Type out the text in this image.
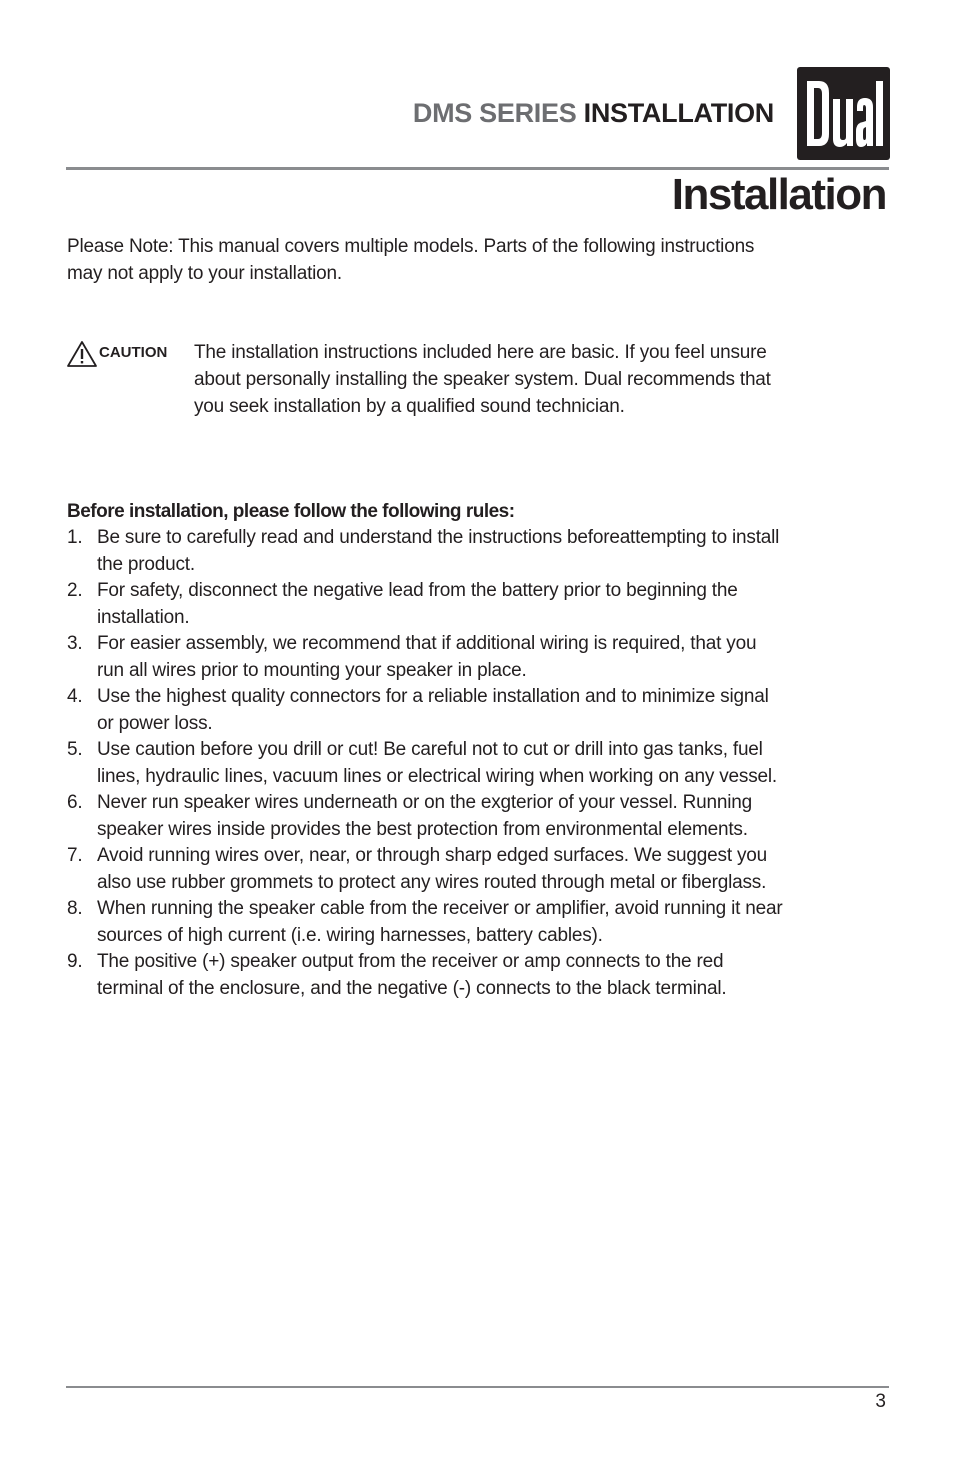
DMS SERIES INSTALLATION
Installation
Please Note: This manual covers multiple models. Parts of the following instructions may not apply to your installation.
CAUTION The installation instructions included here are basic. If you feel unsure about personally installing the speaker system. Dual recommends that you seek installation by a qualified sound technician.
Before installation, please follow the following rules:
1. Be sure to carefully read and understand the instructions beforeattempting to install the product.
2. For safety, disconnect the negative lead from the battery prior to beginning the installation.
3. For easier assembly, we recommend that if additional wiring is required, that you run all wires prior to mounting your speaker in place.
4. Use the highest quality connectors for a reliable installation and to minimize signal or power loss.
5. Use caution before you drill or cut! Be careful not to cut or drill into gas tanks, fuel lines, hydraulic lines, vacuum lines or electrical wiring when working on any vessel.
6. Never run speaker wires underneath or on the exgterior of your vessel. Running speaker wires inside provides the best protection from environmental elements.
7. Avoid running wires over, near, or through sharp edged surfaces. We suggest you also use rubber grommets to protect any wires routed through metal or fiberglass.
8. When running the speaker cable from the receiver or amplifier, avoid running it near sources of high current (i.e. wiring harnesses, battery cables).
9. The positive (+) speaker output from the receiver or amp connects to the red terminal of the enclosure, and the negative (-) connects to the black terminal.
3
